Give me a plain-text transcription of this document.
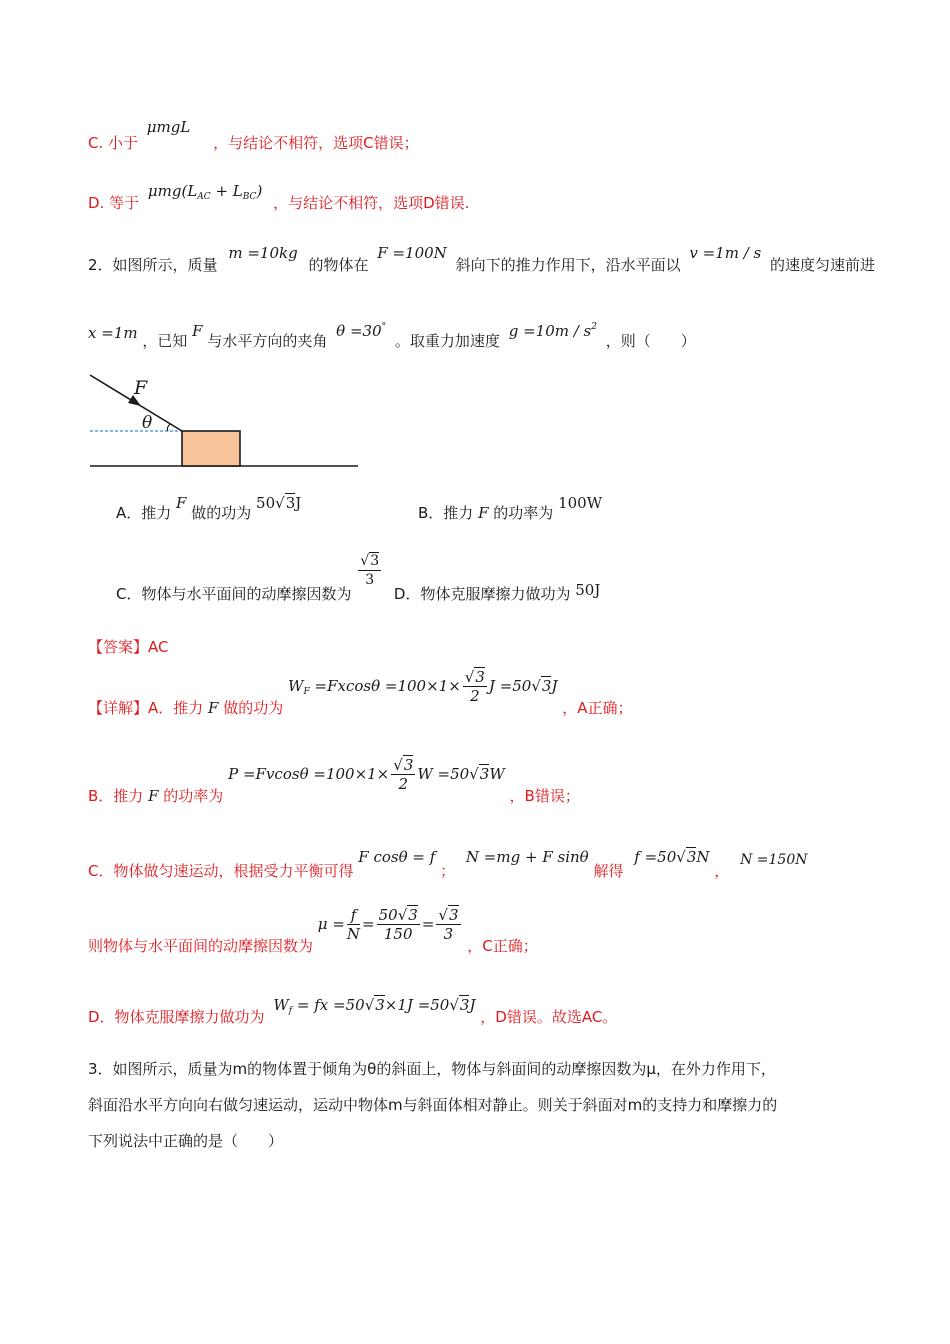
C. 小于 μmgL ，与结论不相符，选项C错误；
D. 等于 $\mu mg(L_{AC} + L_{BC})$ ，与结论不相符，选项D错误.
2．如图所示，质量 m =10kg 的物体在 F =100N 斜向下的推力作用下，沿水平面以 v =1m / s 的速度匀速前进
x =1m ，已知 F 与水平方向的夹角 θ =30° 。取重力加速度 $g =10m / s^2$ ，则（　　）
F
θ
A．推力 F 做的功为 50√3J
B．推力 F 的功率为 100W
C．物体与水平面间的动摩擦因数为
$\frac{√3}{3}$
D．物体克服摩擦力做功为 50J
【答案】AC
【详解】A．推力 F 做的功为 $W_F =Fxcos\theta =100\times 1\times \frac{√3}{2}$ J =50√3J ，A正确；
B．推力 F 的功率为 $P =Fvcos\theta =100\times 1\times \frac{√3}{2}$ W =50√3W ，B错误；
C．物体做匀速运动，根据受力平衡可得 F cosθ = f ； N =mg + F sinθ 解得 f =50√3N ， N =150N
则物体与水平面间的动摩擦因数为 $\mu = \frac{f}{N} = \frac{50√3}{150} = \frac{√3}{3}$
，C正确；
D．物体克服摩擦力做功为 $W_f$ = fx =50√3×1J =50√3J ，D错误。故选AC。
3．如图所示，质量为m的物体置于倾角为θ的斜面上，物体与斜面间的动摩擦因数为μ，在外力作用下，
斜面沿水平方向向右做匀速运动，运动中物体m与斜面体相对静止。则关于斜面对m的支持力和摩擦力的
下列说法中正确的是（　　）
